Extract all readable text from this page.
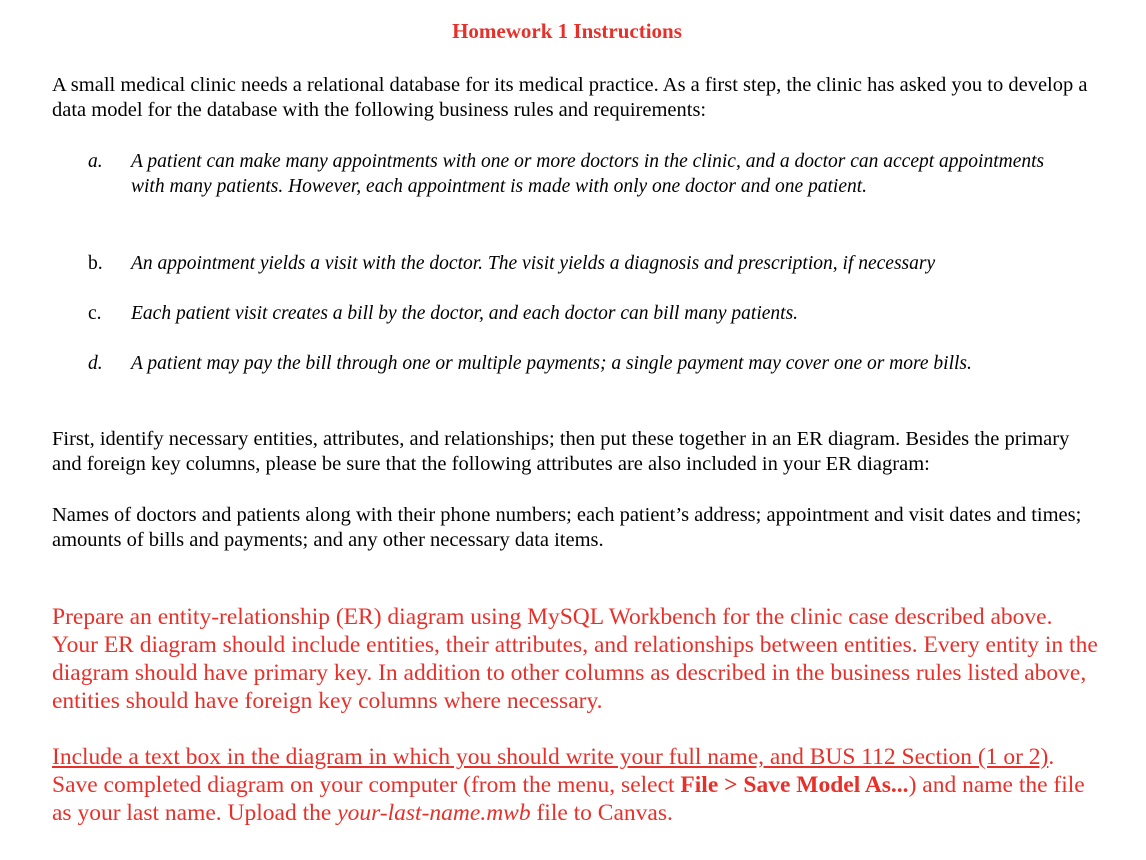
Homework 1 Instructions
A small medical clinic needs a relational database for its medical practice. As a first step, the clinic has asked you to develop a data model for the database with the following business rules and requirements:
a.	A patient can make many appointments with one or more doctors in the clinic, and a doctor can accept appointments with many patients. However, each appointment is made with only one doctor and one patient.
b.	An appointment yields a visit with the doctor. The visit yields a diagnosis and prescription, if necessary
c.	Each patient visit creates a bill by the doctor, and each doctor can bill many patients.
d.	A patient may pay the bill through one or multiple payments; a single payment may cover one or more bills.
First, identify necessary entities, attributes, and relationships; then put these together in an ER diagram. Besides the primary and foreign key columns, please be sure that the following attributes are also included in your ER diagram:
Names of doctors and patients along with their phone numbers; each patient’s address; appointment and visit dates and times; amounts of bills and payments; and any other necessary data items.
Prepare an entity-relationship (ER) diagram using MySQL Workbench for the clinic case described above. Your ER diagram should include entities, their attributes, and relationships between entities. Every entity in the diagram should have primary key. In addition to other columns as described in the business rules listed above, entities should have foreign key columns where necessary.
Include a text box in the diagram in which you should write your full name, and BUS 112 Section (1 or 2). Save completed diagram on your computer (from the menu, select File > Save Model As...) and name the file as your last name. Upload the your-last-name.mwb file to Canvas.
